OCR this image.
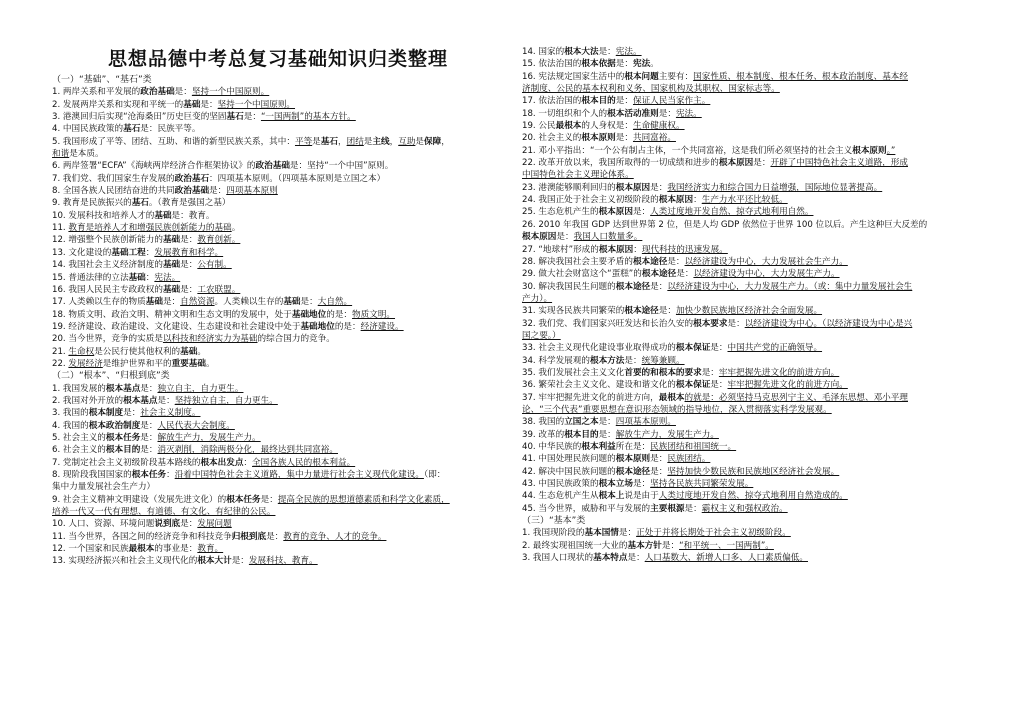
思想品德中考总复习基础知识归类整理
（一）“基础”、“基石”类
1. 两岸关系和平发展的政治基础是：坚持一个中国原则。
2. 发展两岸关系和实现和平统一的基础是：坚持一个中国原则。
3. 港澳回归后实现“沧海桑田”历史巨变的坚固基石是：“一国两制”的基本方针。
4. 中国民族政策的基石是：民族平等。
5. 我国形成了平等、团结、互助、和谐的新型民族关系，其中：平等是基石，团结是主线，互助是保障，
和谐是本质。
6. 两岸签署“ECFA”《海峡两岸经济合作框架协议》的政治基础是：坚持“一个中国”原则。
7. 我们党、我们国家生存发展的政治基石：四项基本原则。（四项基本原则是立国之本）
8. 全国各族人民团结奋进的共同政治基础是：四项基本原则
9. 教育是民族振兴的基石。（教育是强国之基）
10. 发展科技和培养人才的基础是：教育。
11. 教育是培养人才和增强民族创新能力的基础。
12. 增强整个民族创新能力的基础是：教育创新。
13. 文化建设的基础工程：发展教育和科学。
14. 我国社会主义经济制度的基础是：公有制。
15. 普通法律的立法基础：宪法。
16. 我国人民民主专政政权的基础是：工农联盟。
17. 人类赖以生存的物质基础是：自然资源。人类赖以生存的基础是：大自然。
18. 物质文明、政治文明、精神文明和生态文明的发展中，处于基础地位的是：物质文明。
19. 经济建设、政治建设、文化建设、生态建设和社会建设中处于基础地位的是：经济建设。
20. 当今世界，竞争的实质是以科技和经济实力为基础的综合国力的竞争。
21. 生命权是公民行使其他权利的基础。
22. 发展经济是维护世界和平的重要基础。
（二）“根本”、“归根到底”类
1. 我国发展的根本基点是：独立自主，自力更生。
2. 我国对外开放的根本基点是：坚持独立自主，自力更生。
3. 我国的根本制度是：社会主义制度。
4. 我国的根本政治制度是：人民代表大会制度。
5. 社会主义的根本任务是：解放生产力，发展生产力。
6. 社会主义的根本目的是：消灭剥削，消除两极分化，最终达到共同富裕。
7. 党制定社会主义初级阶段基本路线的根本出发点：全国各族人民的根本利益。
8. 现阶段我国国家的根本任务：沿着中国特色社会主义道路，集中力量进行社会主义现代化建设。（即：
集中力量发展社会生产力）
9. 社会主义精神文明建设（发展先进文化）的根本任务是：提高全民族的思想道德素质和科学文化素质，
培养一代又一代有理想、有道德、有文化、有纪律的公民。
10. 人口、资源、环境问题说到底是：发展问题
11. 当今世界，各国之间的经济竞争和科技竞争归根到底是：教育的竞争、人才的竞争。
12. 一个国家和民族最根本的事业是：教育。
13. 实现经济振兴和社会主义现代化的根本大计是：发展科技、教育。
14. 国家的根本大法是：宪法。
15. 依法治国的根本依据是：宪法。
16. 宪法规定国家生活中的根本问题主要有：国家性质、根本制度、根本任务、根本政治制度、基本经
济制度、公民的基本权利和义务、国家机构及其职权、国家标志等。
17. 依法治国的根本目的是：保证人民当家作主。
18. 一切组织和个人的根本活动准则是：宪法。
19. 公民最根本的人身权是：生命健康权。
20. 社会主义的根本原则是：共同富裕。
21. 邓小平指出：“一个公有制占主体，一个共同富裕，这是我们所必须坚持的社会主义根本原则。”
22. 改革开放以来，我国所取得的一切成绩和进步的根本原因是：开辟了中国特色社会主义道路，形成
中国特色社会主义理论体系。
23. 港澳能够顺利回归的根本原因是：我国经济实力和综合国力日益增强，国际地位显著提高。
24. 我国正处于社会主义初级阶段的根本原因：生产力水平还比较低。
25. 生态危机产生的根本原因是：人类过度地开发自然、掠夺式地利用自然。
26. 2010 年我国 GDP 达到世界第 2 位，但是人均 GDP 依然位于世界 100 位以后。产生这种巨大反差的
根本原因是：我国人口数量多。
27. “地球村”形成的根本原因：现代科技的迅速发展。
28. 解决我国社会主要矛盾的根本途径是：以经济建设为中心，大力发展社会生产力。
29. 做大社会财富这个“蛋糕”的根本途径是：以经济建设为中心，大力发展生产力。
30. 解决我国民生问题的根本途径是：以经济建设为中心，大力发展生产力。（或：集中力量发展社会生
产力）。
31. 实现各民族共同繁荣的根本途径是：加快少数民族地区经济社会全面发展。
32. 我们党、我们国家兴旺发达和长治久安的根本要求是：以经济建设为中心。（以经济建设为中心是兴
国之要。）
33. 社会主义现代化建设事业取得成功的根本保证是：中国共产党的正确领导。
34. 科学发展观的根本方法是：统筹兼顾。
35. 我们发展社会主义文化首要的和根本的要求是：牢牢把握先进文化的前进方向。
36. 繁荣社会主义文化、建设和谐文化的根本保证是：牢牢把握先进文化的前进方向。
37. 牢牢把握先进文化的前进方向，最根本的就是：必须坚持马克思列宁主义、毛泽东思想、邓小平理
论、“三个代表”重要思想在意识形态领域的指导地位，深入贯彻落实科学发展观。
38. 我国的立国之本是：四项基本原则。
39. 改革的根本目的是：解放生产力，发展生产力。
40. 中华民族的根本利益所在是：民族团结和祖国统一。
41. 中国处理民族问题的根本原则是：民族团结。
42. 解决中国民族问题的根本途径是：坚持加快少数民族和民族地区经济社会发展。
43. 中国民族政策的根本立场是：坚持各民族共同繁荣发展。
44. 生态危机产生从根本上说是由于人类过度地开发自然、掠夺式地利用自然造成的。
45. 当今世界，威胁和平与发展的主要根源是：霸权主义和强权政治。
（三）“基本”类
1. 我国现阶段的基本国情是：正处于并将长期处于社会主义初级阶段。
2. 最终实现祖国统一大业的基本方针是：“和平统一、一国两制”。
3. 我国人口现状的基本特点是：人口基数大、新增人口多、人口素质偏低。
